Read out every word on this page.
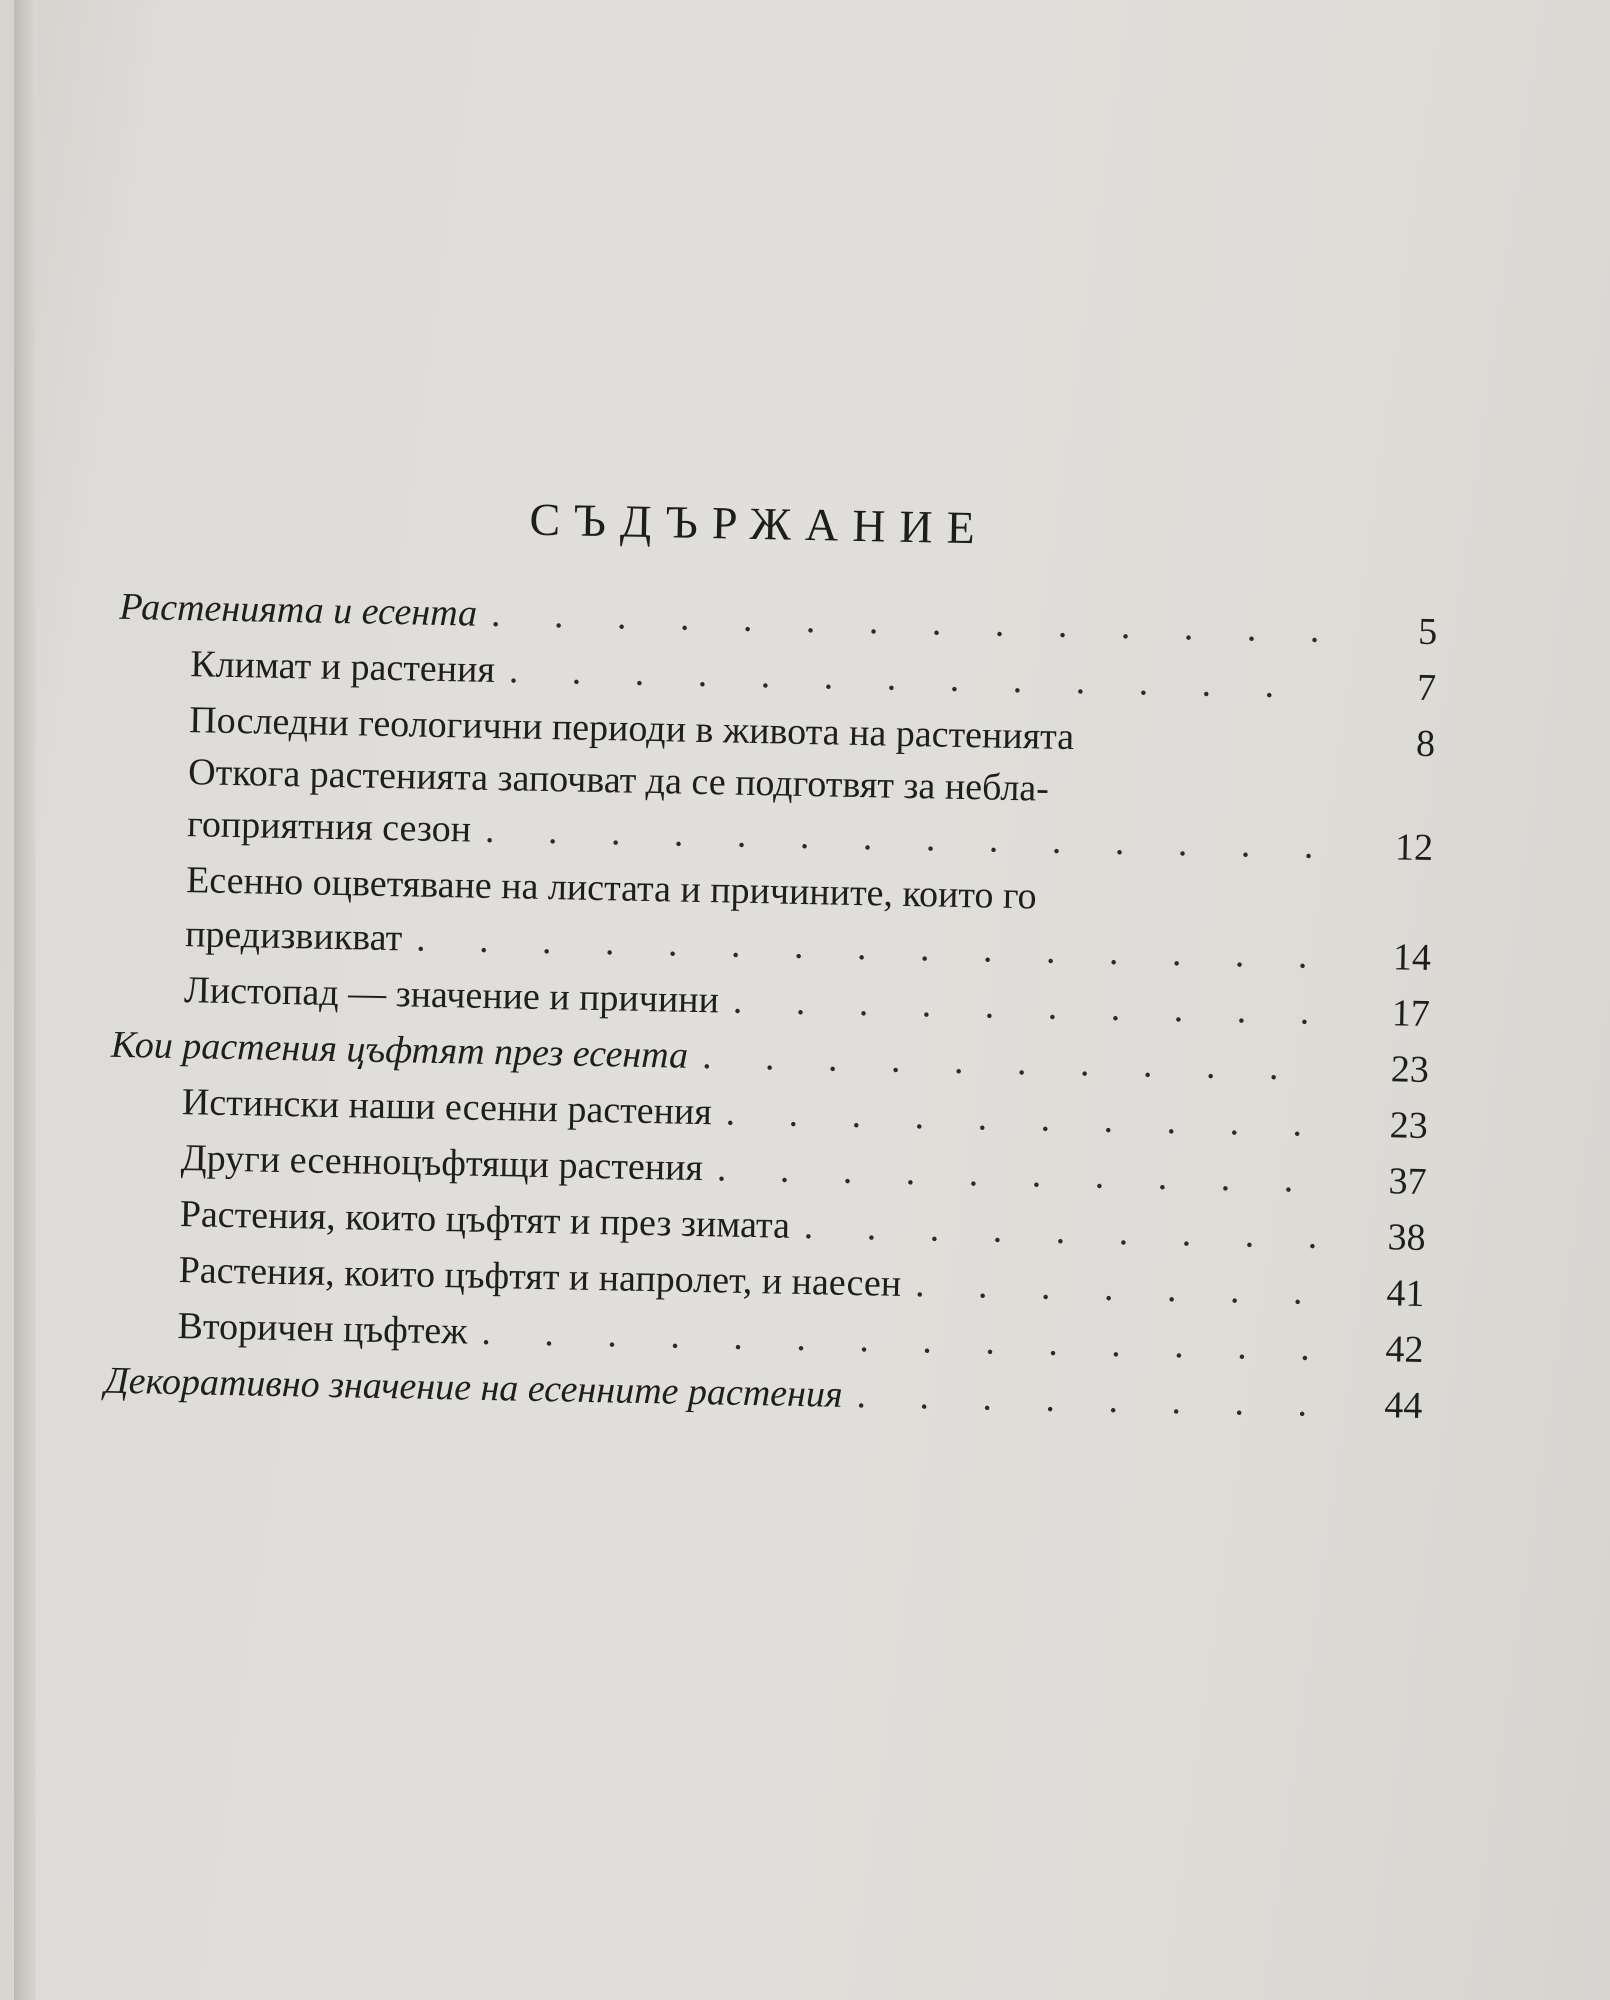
СЪДЪРЖАНИЕ
Растенията и есента . . .	5
Климат и растения . . .	7
Последни геологични периоди в живота на растенията	8
Откога растенията започват да се подготвят за небла-
гоприятния сезон . . .	12
Есенно оцветяване на листата и причините, които го
предизвикват . . .	14
Листопад — значение и причини . . .	17
Кои растения цъфтят през есента . . .	23
Истински наши есенни растения . . .	23
Други есенноцъфтящи растения . . .	37
Растения, които цъфтят и през зимата . . .	38
Растения, които цъфтят и напролет, и наесен . . .	41
Вторичен цъфтеж . . .	42
Декоративно значение на есенните растения . . .	44
